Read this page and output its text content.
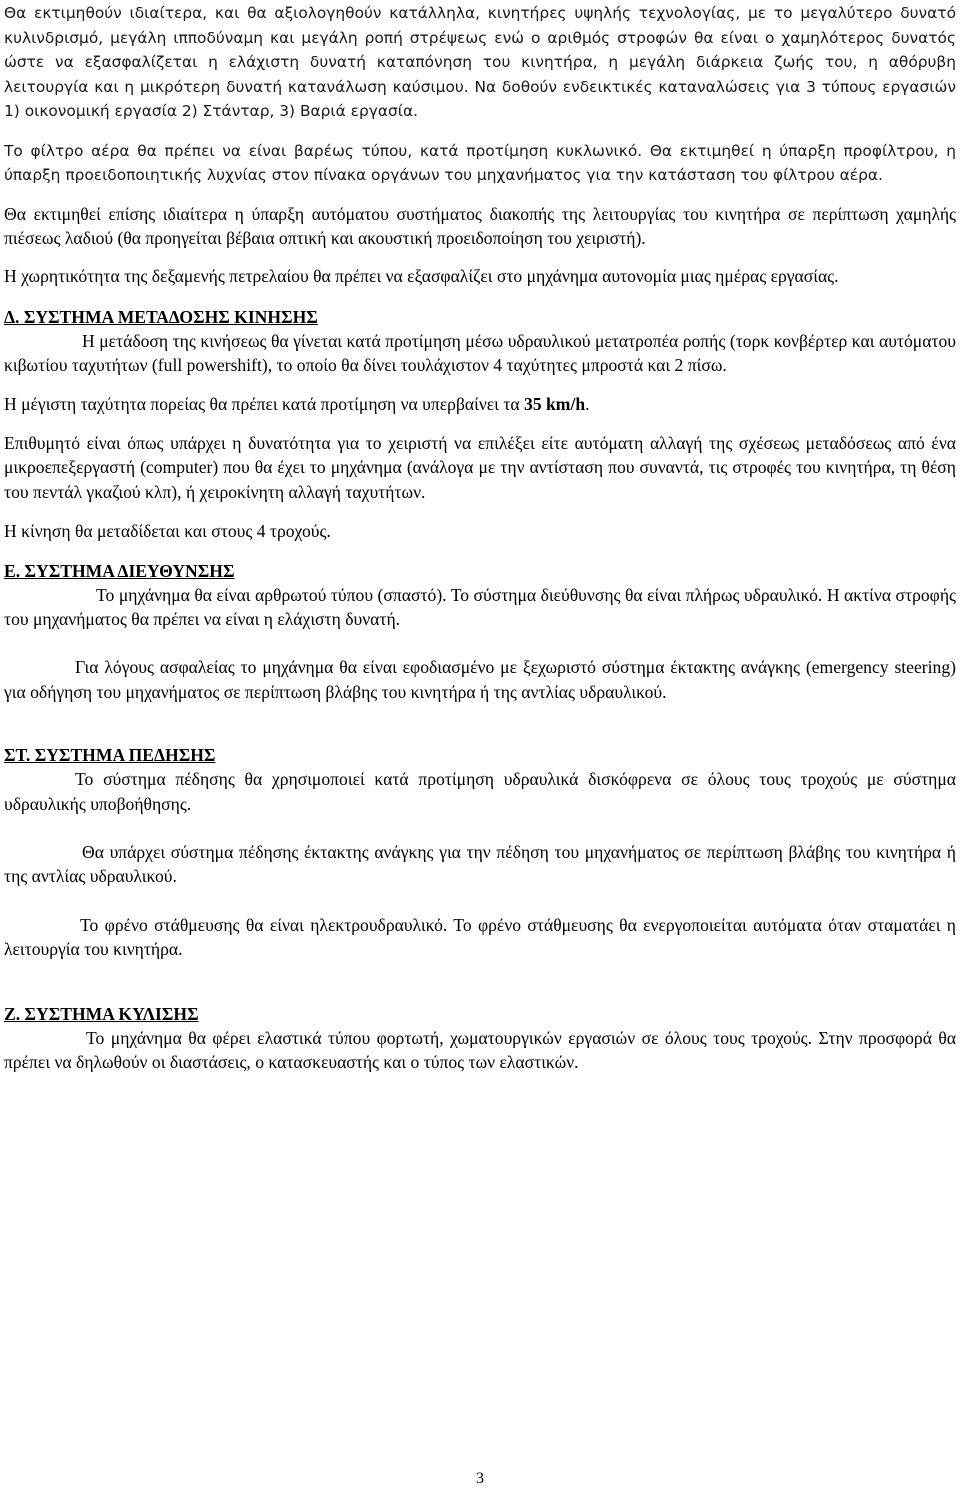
Θα εκτιμηθούν ιδιαίτερα, και θα αξιολογηθούν κατάλληλα, κινητήρες υψηλής τεχνολογίας, με το μεγαλύτερο δυνατό κυλινδρισμό, μεγάλη ιπποδύναμη και μεγάλη ροπή στρέψεως ενώ ο αριθμός στροφών θα είναι ο χαμηλότερος δυνατός ώστε να εξασφαλίζεται η ελάχιστη δυνατή καταπόνηση του κινητήρα, η μεγάλη διάρκεια ζωής του, η αθόρυβη λειτουργία και η μικρότερη δυνατή κατανάλωση καύσιμου. Να δοθούν ενδεικτικές καταναλώσεις για 3 τύπους εργασιών 1) οικονομική εργασία 2) Στάνταρ, 3) Βαριά εργασία.

Το φίλτρο αέρα θα πρέπει να είναι βαρέως τύπου, κατά προτίμηση κυκλωνικό. Θα εκτιμηθεί η ύπαρξη προφίλτρου, η ύπαρξη προειδοποιητικής λυχνίας στον πίνακα οργάνων του μηχανήματος για την κατάσταση του φίλτρου αέρα.

Θα εκτιμηθεί επίσης ιδιαίτερα η ύπαρξη αυτόματου συστήματος διακοπής της λειτουργίας του κινητήρα σε περίπτωση χαμηλής πιέσεως λαδιού (θα προηγείται βέβαια οπτική και ακουστική προειδοποίηση του χειριστή).

Η χωρητικότητα της δεξαμενής πετρελαίου θα πρέπει να εξασφαλίζει στο μηχάνημα αυτονομία μιας ημέρας εργασίας.

Δ. ΣΥΣΤΗΜΑ ΜΕΤΑΔΟΣΗΣ ΚΙΝΗΣΗΣ

Η μετάδοση της κινήσεως θα γίνεται κατά προτίμηση μέσω υδραυλικού μετατροπέα ροπής (τορκ κονβέρτερ και αυτόματου κιβωτίου ταχυτήτων (full powershift), το οποίο θα δίνει τουλάχιστον 4 ταχύτητες μπροστά και 2 πίσω.

Η μέγιστη ταχύτητα πορείας θα πρέπει κατά προτίμηση να υπερβαίνει τα 35 km/h.

Επιθυμητό είναι όπως υπάρχει η δυνατότητα για το χειριστή να επιλέξει είτε αυτόματη αλλαγή της σχέσεως μεταδόσεως από ένα μικροεπεξεργαστή (computer) που θα έχει το μηχάνημα (ανάλογα με την αντίσταση που συναντά, τις στροφές του κινητήρα, τη θέση του πεντάλ γκαζιού κλπ), ή χειροκίνητη αλλαγή ταχυτήτων.

Η κίνηση θα μεταδίδεται και στους 4 τροχούς.

Ε. ΣΥΣΤΗΜΑ ΔΙΕΥΘΥΝΣΗΣ

Το μηχάνημα θα είναι αρθρωτού τύπου (σπαστό). Το σύστημα διεύθυνσης θα είναι πλήρως υδραυλικό. Η ακτίνα στροφής του μηχανήματος θα πρέπει να είναι η ελάχιστη δυνατή.

Για λόγους ασφαλείας το μηχάνημα θα είναι εφοδιασμένο με ξεχωριστό σύστημα έκτακτης ανάγκης (emergency steering) για οδήγηση του μηχανήματος σε περίπτωση βλάβης του κινητήρα ή της αντλίας υδραυλικού.

ΣΤ. ΣΥΣΤΗΜΑ ΠΕΔΗΣΗΣ

Το σύστημα πέδησης θα χρησιμοποιεί κατά προτίμηση υδραυλικά δισκόφρενα σε όλους τους τροχούς με σύστημα υδραυλικής υποβοήθησης.

Θα υπάρχει σύστημα πέδησης έκτακτης ανάγκης για την πέδηση του μηχανήματος σε περίπτωση βλάβης του κινητήρα ή της αντλίας υδραυλικού.

Το φρένο στάθμευσης θα είναι ηλεκτρουδραυλικό. Το φρένο στάθμευσης θα ενεργοποιείται αυτόματα όταν σταματάει η λειτουργία του κινητήρα.

Ζ. ΣΥΣΤΗΜΑ ΚΥΛΙΣΗΣ

Το μηχάνημα θα φέρει ελαστικά τύπου φορτωτή, χωματουργικών εργασιών σε όλους τους τροχούς. Στην προσφορά θα πρέπει να δηλωθούν οι διαστάσεις, ο κατασκευαστής και ο τύπος των ελαστικών.

3
